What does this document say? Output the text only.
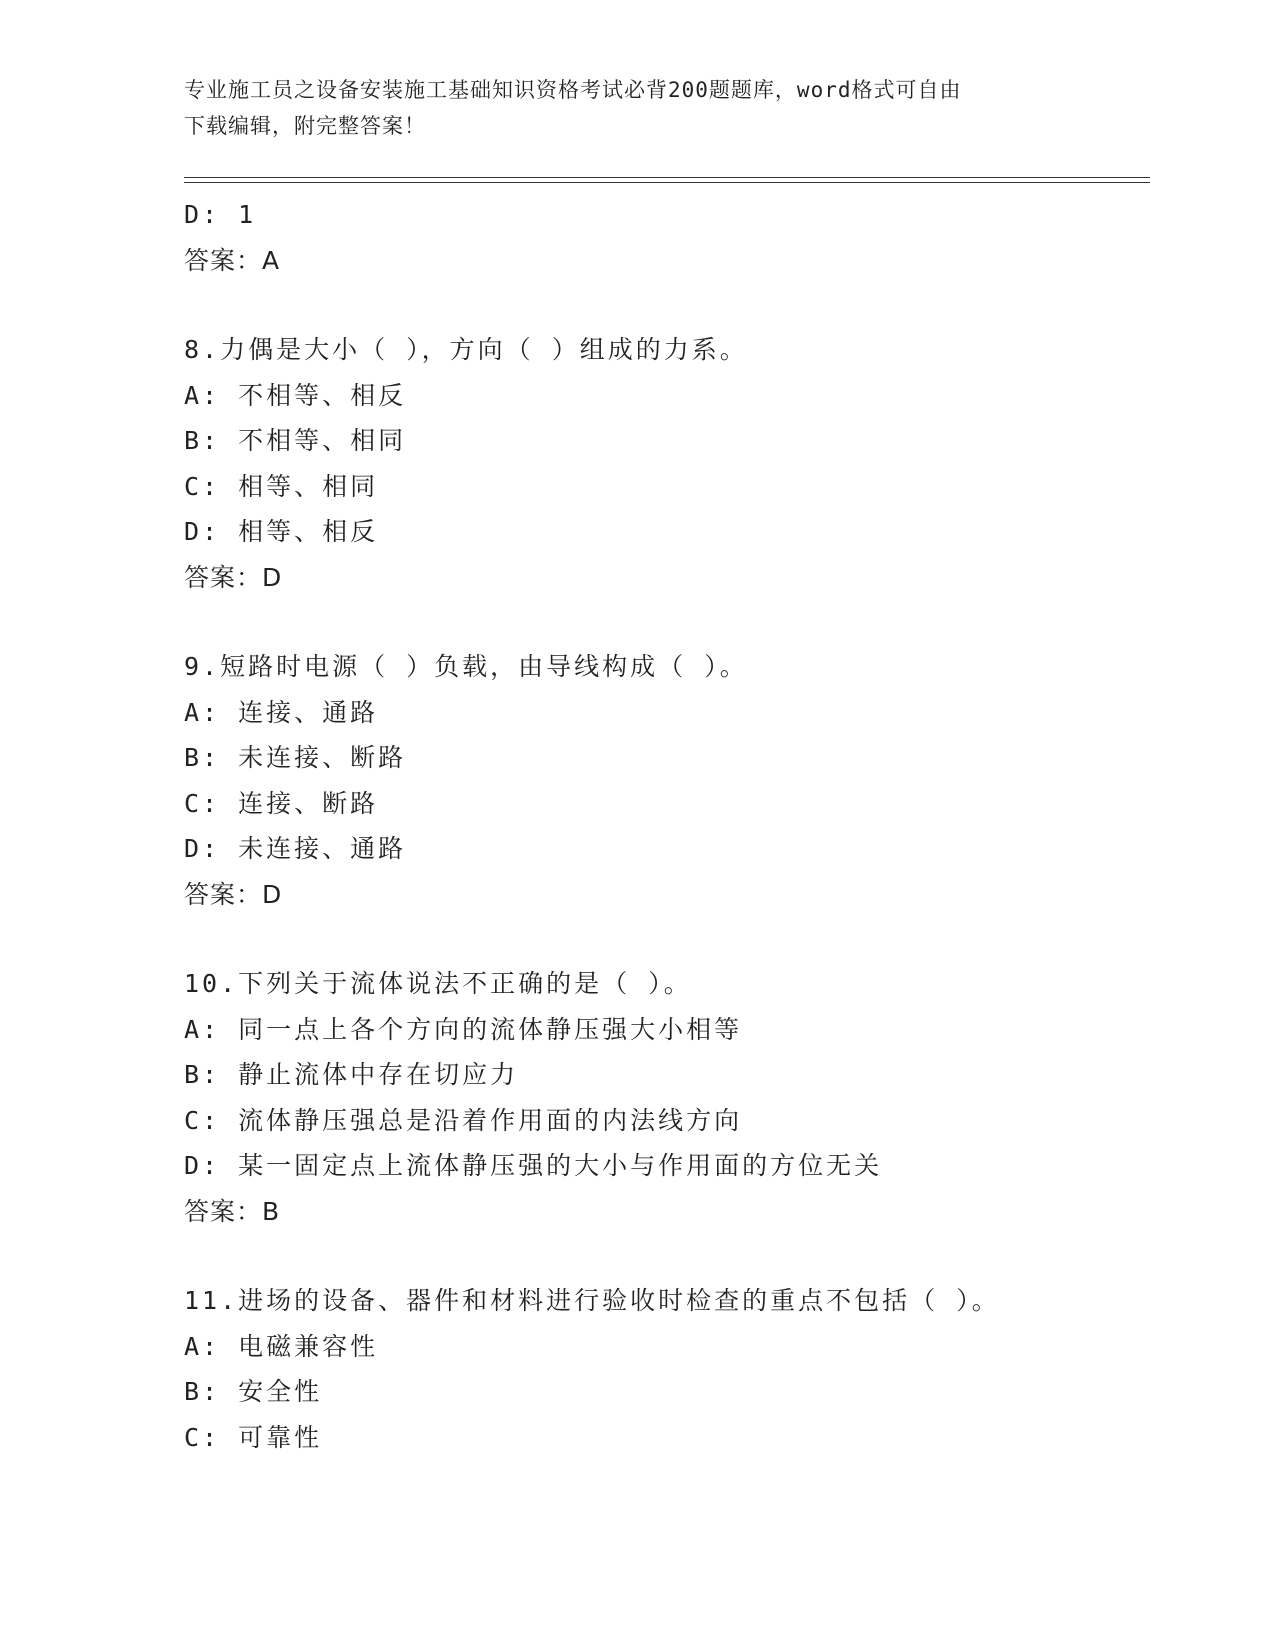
专业施工员之设备安装施工基础知识资格考试必背200题题库，word格式可自由
下载编辑，附完整答案！
D: 1
答案：A
8.力偶是大小（ ），方向（ ）组成的力系。
A: 不相等、相反
B: 不相等、相同
C: 相等、相同
D: 相等、相反
答案：D
9.短路时电源（ ）负载，由导线构成（ ）。
A: 连接、通路
B: 未连接、断路
C: 连接、断路
D: 未连接、通路
答案：D
10.下列关于流体说法不正确的是（ ）。
A: 同一点上各个方向的流体静压强大小相等
B: 静止流体中存在切应力
C: 流体静压强总是沿着作用面的内法线方向
D: 某一固定点上流体静压强的大小与作用面的方位无关
答案：B
11.进场的设备、器件和材料进行验收时检查的重点不包括（ ）。
A: 电磁兼容性
B: 安全性
C: 可靠性
